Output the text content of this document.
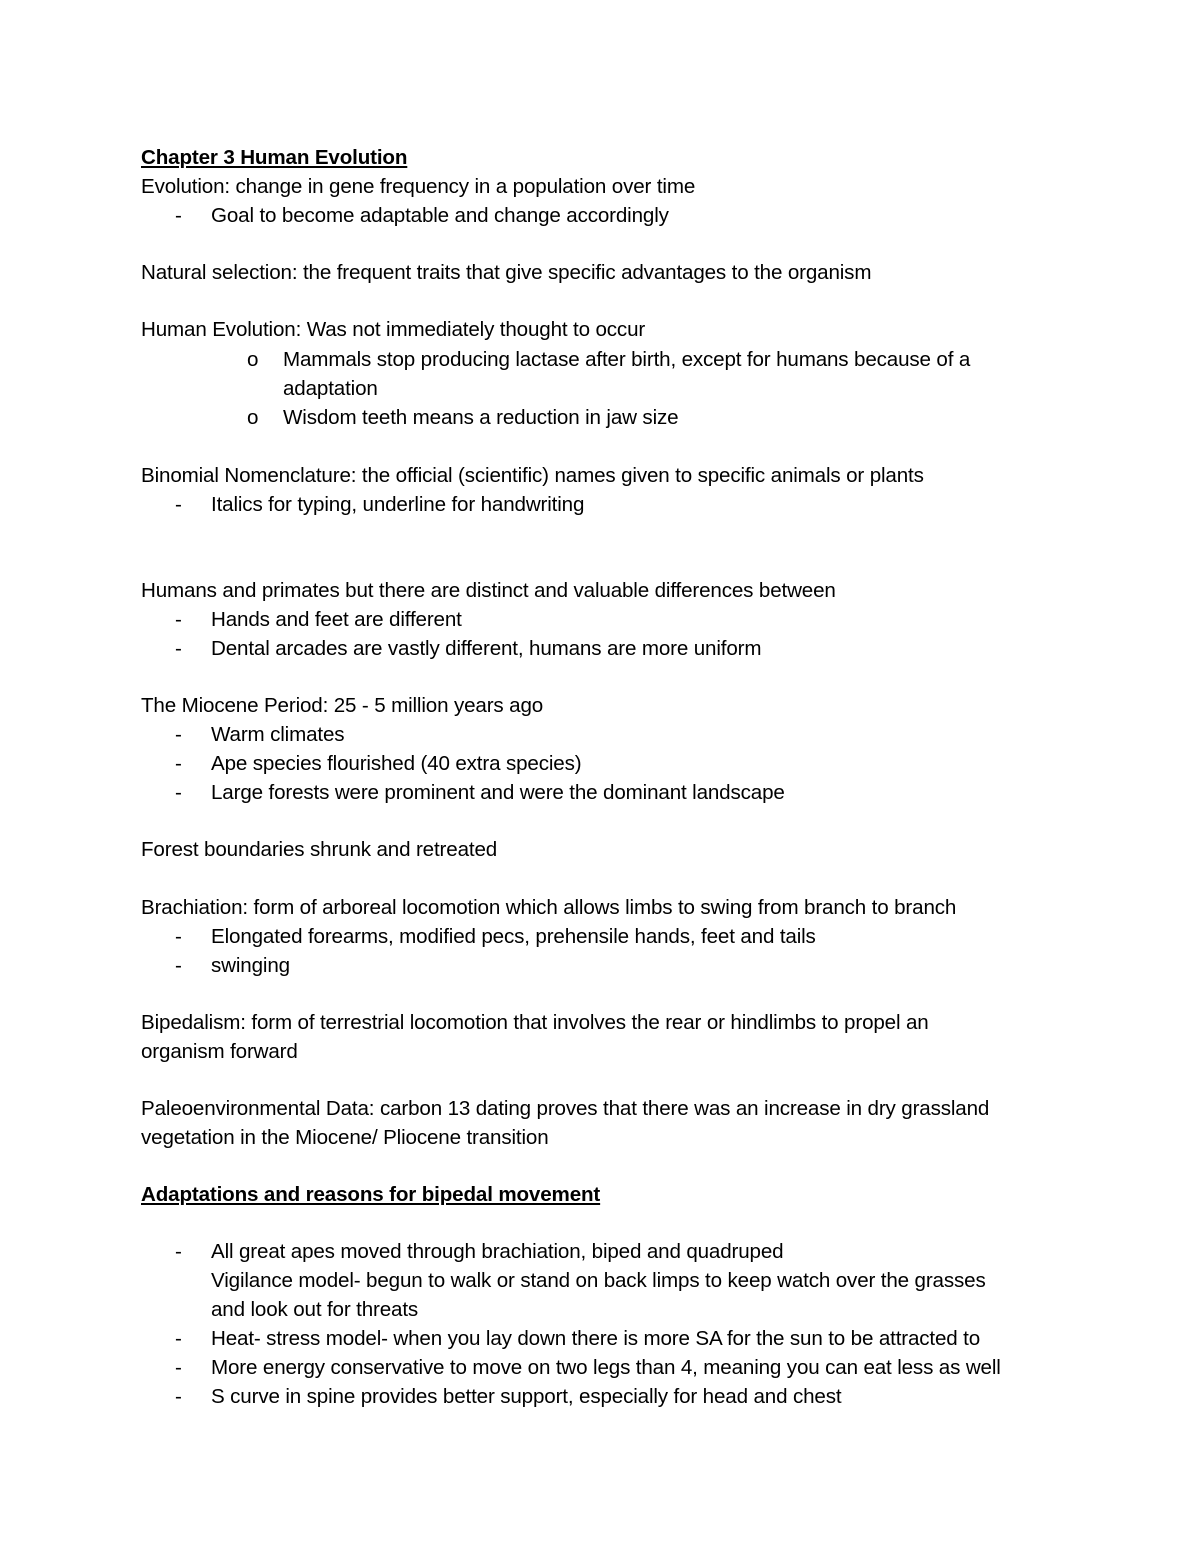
Chapter 3 Human Evolution
Evolution: change in gene frequency in a population over time
- Goal to become adaptable and change accordingly
Natural selection: the frequent traits that give specific advantages to the organism
Human Evolution: Was not immediately thought to occur
o Mammals stop producing lactase after birth, except for humans because of a
adaptation
o Wisdom teeth means a reduction in jaw size
Binomial Nomenclature: the official (scientific) names given to specific animals or plants
- Italics for typing, underline for handwriting
Humans and primates but there are distinct and valuable differences between
- Hands and feet are different
- Dental arcades are vastly different, humans are more uniform
The Miocene Period: 25 - 5 million years ago
- Warm climates
- Ape species flourished (40 extra species)
- Large forests were prominent and were the dominant landscape
Forest boundaries shrunk and retreated
Brachiation: form of arboreal locomotion which allows limbs to swing from branch to branch
- Elongated forearms, modified pecs, prehensile hands, feet and tails
- swinging
Bipedalism: form of terrestrial locomotion that involves the rear or hindlimbs to propel an
organism forward
Paleoenvironmental Data: carbon 13 dating proves that there was an increase in dry grassland
vegetation in the Miocene/ Pliocene transition
Adaptations and reasons for bipedal movement
- All great apes moved through brachiation, biped and quadruped
Vigilance model- begun to walk or stand on back limps to keep watch over the grasses
and look out for threats
- Heat- stress model- when you lay down there is more SA for the sun to be attracted to
- More energy conservative to move on two legs than 4, meaning you can eat less as well
- S curve in spine provides better support, especially for head and chest
